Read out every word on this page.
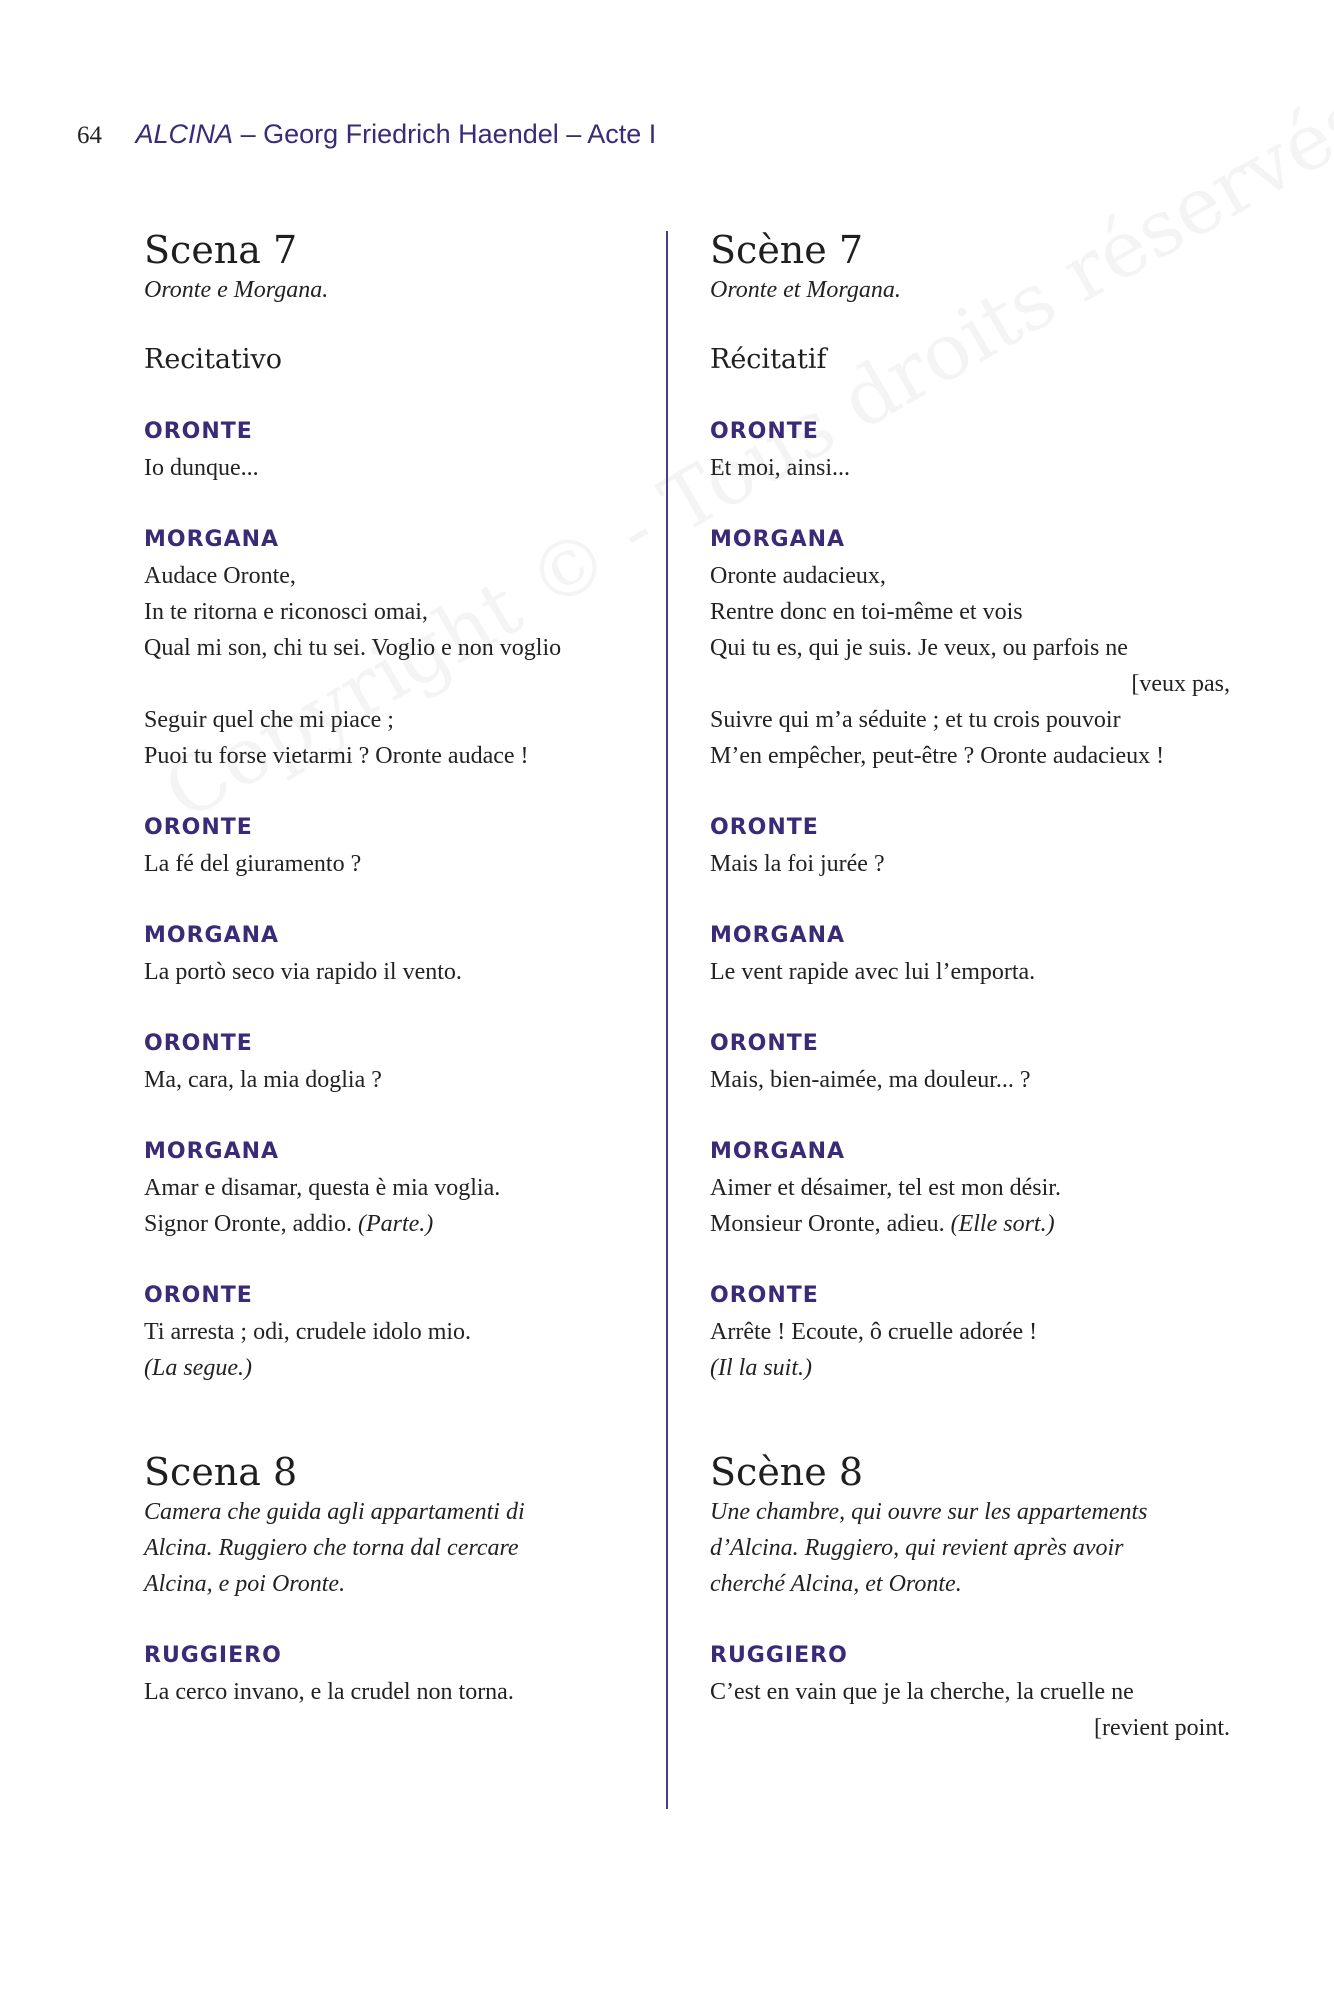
64 ALCINA – Georg Friedrich Haendel – Acte I
Scena 7
Oronte e Morgana.
Recitativo
ORONTE
Io dunque...
MORGANA
Audace Oronte,
In te ritorna e riconosci omai,
Qual mi son, chi tu sei. Voglio e non voglio
Seguir quel che mi piace ;
Puoi tu forse vietarmi ? Oronte audace !
ORONTE
La fé del giuramento ?
MORGANA
La portò seco via rapido il vento.
ORONTE
Ma, cara, la mia doglia ?
MORGANA
Amar e disamar, questa è mia voglia.
Signor Oronte, addio. (Parte.)
ORONTE
Ti arresta ; odi, crudele idolo mio.
(La segue.)
Scena 8
Camera che guida agli appartamenti di
Alcina. Ruggiero che torna dal cercare
Alcina, e poi Oronte.
RUGGIERO
La cerco invano, e la crudel non torna.
Scène 7
Oronte et Morgana.
Récitatif
ORONTE
Et moi, ainsi...
MORGANA
Oronte audacieux,
Rentre donc en toi-même et vois
Qui tu es, qui je suis. Je veux, ou parfois ne
[veux pas,
Suivre qui m’a séduite ; et tu crois pouvoir
M’en empêcher, peut-être ? Oronte audacieux !
ORONTE
Mais la foi jurée ?
MORGANA
Le vent rapide avec lui l’emporta.
ORONTE
Mais, bien-aimée, ma douleur... ?
MORGANA
Aimer et désaimer, tel est mon désir.
Monsieur Oronte, adieu. (Elle sort.)
ORONTE
Arrête ! Ecoute, ô cruelle adorée !
(Il la suit.)
Scène 8
Une chambre, qui ouvre sur les appartements
d’Alcina. Ruggiero, qui revient après avoir
cherché Alcina, et Oronte.
RUGGIERO
C’est en vain que je la cherche, la cruelle ne
[revient point.
